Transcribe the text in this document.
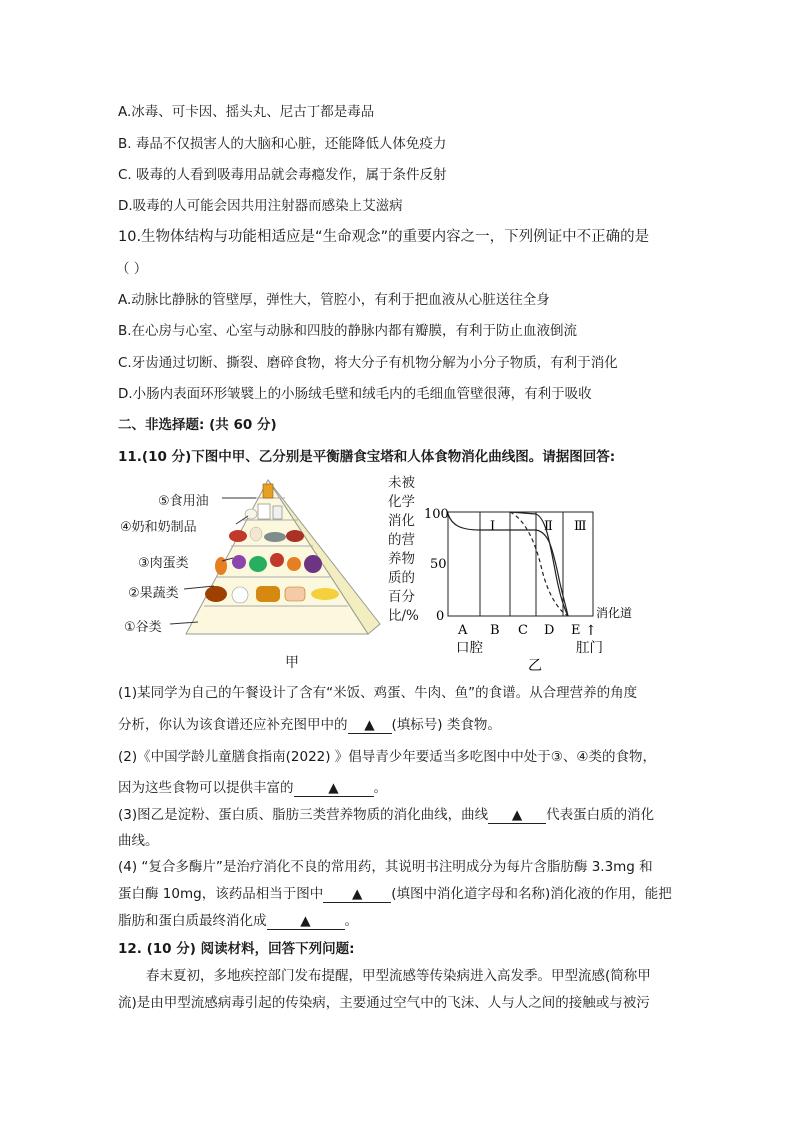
A.冰毒、可卡因、摇头丸、尼古丁都是毒品
B. 毒品不仅损害人的大脑和心脏，还能降低人体免疫力
C. 吸毒的人看到吸毒用品就会毒瘾发作，属于条件反射
D.吸毒的人可能会因共用注射器而感染上艾滋病
10.生物体结构与功能相适应是“生命观念”的重要内容之一，下列例证中不正确的是
（ ）
A.动脉比静脉的管壁厚，弹性大，管腔小，有利于把血液从心脏送往全身
B.在心房与心室、心室与动脉和四肢的静脉内都有瓣膜，有利于防止血液倒流
C.牙齿通过切断、撕裂、磨碎食物，将大分子有机物分解为小分子物质，有利于消化
D.小肠内表面环形皱襞上的小肠绒毛壁和绒毛内的毛细血管壁很薄，有利于吸收
二、非选择题: (共 60 分)
11.(10 分)下图中甲、乙分别是平衡膳食宝塔和人体食物消化曲线图。请据图回答:
⑤食用油
④奶和奶制品
③肉蛋类
②果蔬类
①谷类
甲
未被
化学
消化
的营
养物
质的
百分
比/%
100
50
0
Ⅰ	Ⅱ Ⅲ
A B C D E ↑
消化道
口腔	肛门
乙
(1)某同学为自己的午餐设计了含有“米饭、鸡蛋、牛肉、鱼”的食谱。从合理营养的角度
分析，你认为该食谱还应补充图甲中的 ▲ (填标号) 类食物。
(2)《中国学龄儿童膳食指南(2022) 》倡导青少年要适当多吃图中中处于③、④类的食物，
因为这些食物可以提供丰富的	▲	。
(3)图乙是淀粉、蛋白质、脂肪三类营养物质的消化曲线，曲线 ▲ 代表蛋白质的消化
曲线。
(4) “复合多酶片”是治疗消化不良的常用药，其说明书注明成分为每片含脂肪酶 3.3mg 和
蛋白酶 10mg，该药品相当于图中 ▲ (填图中消化道字母和名称)消化液的作用，能把
脂肪和蛋白质最终消化成	▲	。
12. (10 分) 阅读材料，回答下列问题:
春末夏初，多地疾控部门发布提醒，甲型流感等传染病进入高发季。甲型流感(简称甲
流)是由甲型流感病毒引起的传染病，主要通过空气中的飞沫、人与人之间的接触或与被污
